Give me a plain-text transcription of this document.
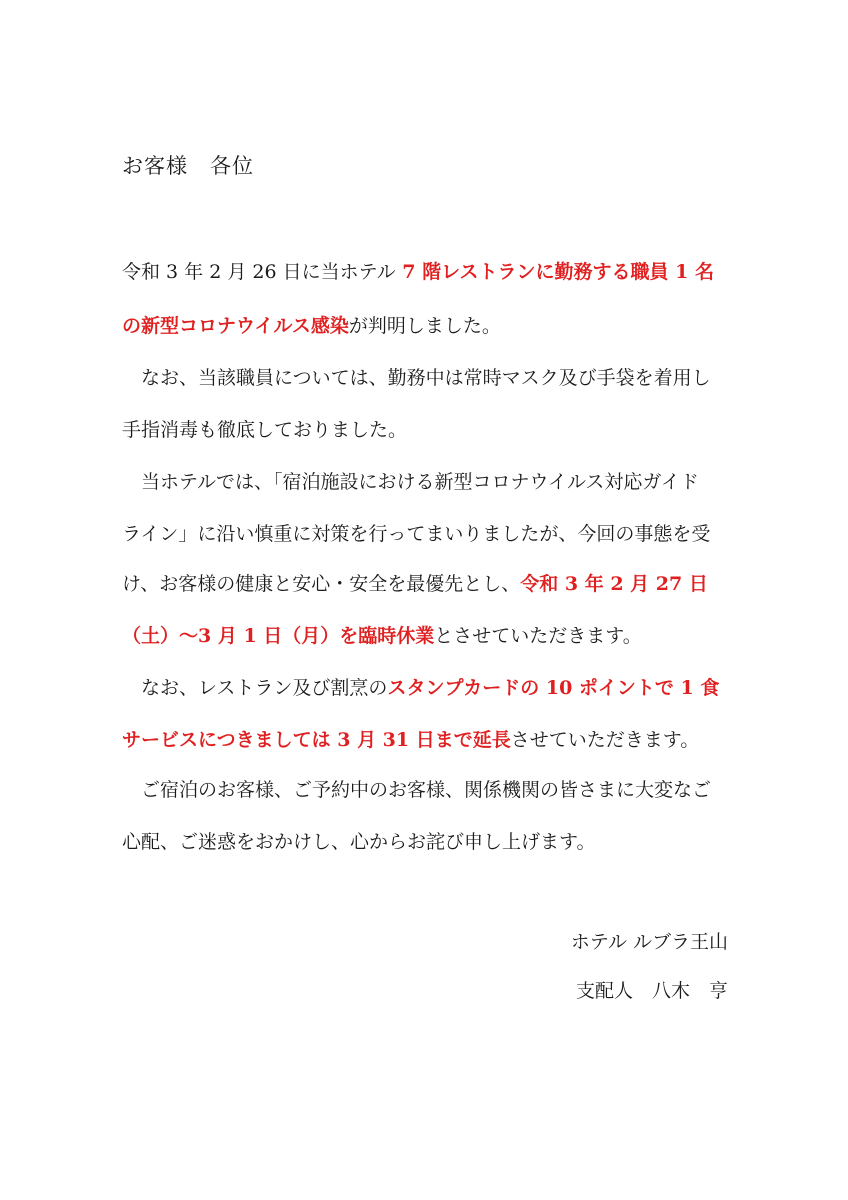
お客様　各位
令和 3 年 2 月 26 日に当ホテル 7 階レストランに勤務する職員 1 名
の新型コロナウイルス感染が判明しました。
　なお、当該職員については、勤務中は常時マスク及び手袋を着用し
手指消毒も徹底しておりました。
　当ホテルでは、「宿泊施設における新型コロナウイルス対応ガイド
ライン」に沿い慎重に対策を行ってまいりましたが、今回の事態を受
け、お客様の健康と安心・安全を最優先とし、令和 3 年 2 月 27 日
（土）～3 月 1 日（月）を臨時休業とさせていただきます。
　なお、レストラン及び割烹のスタンプカードの 10 ポイントで 1 食
サービスにつきましては 3 月 31 日まで延長させていただきます。
　ご宿泊のお客様、ご予約中のお客様、関係機関の皆さまに大変なご
心配、ご迷惑をおかけし、心からお詫び申し上げます。
ホテル ルブラ王山
支配人　八木　亨
